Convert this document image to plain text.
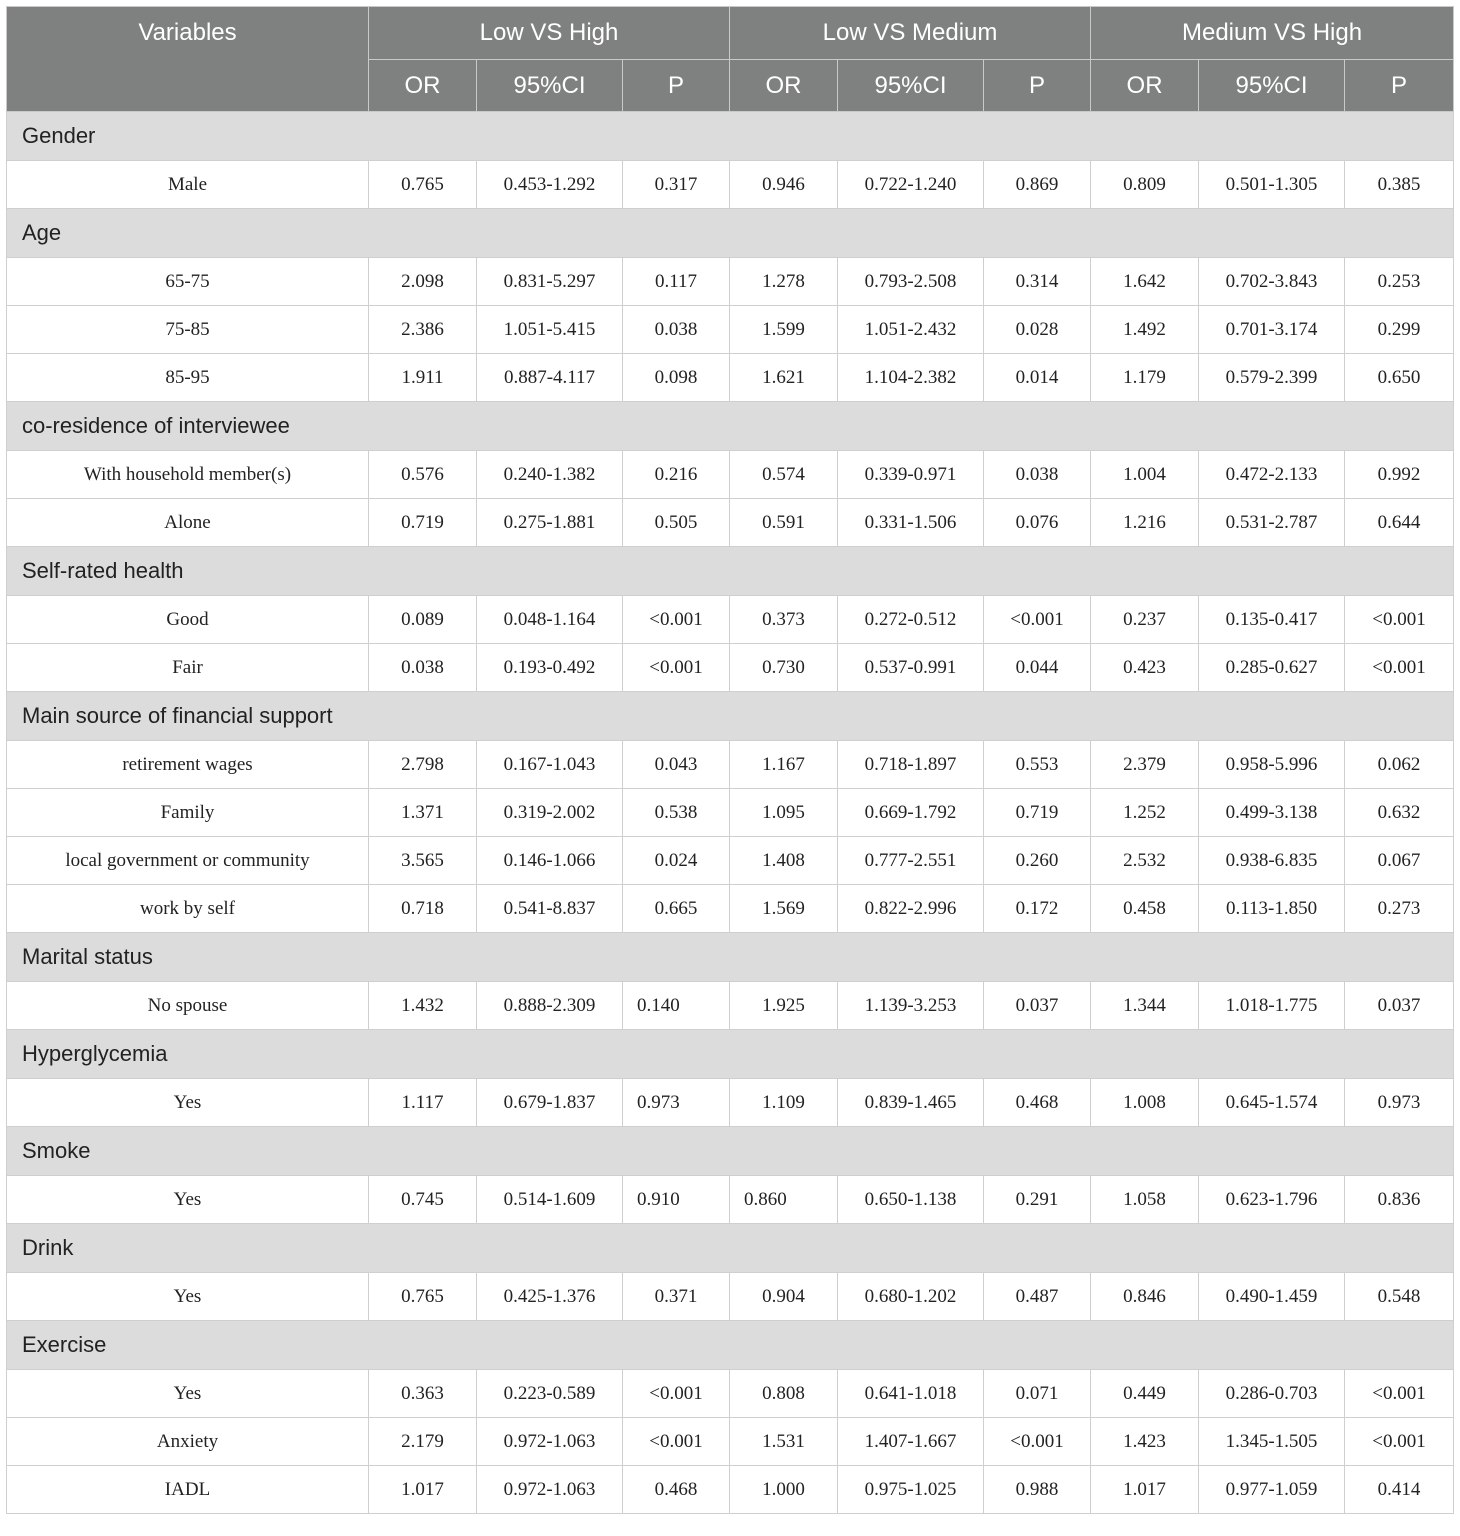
Variables	Low VS High			Low VS Medium			Medium VS High		
	OR	95%CI	P	OR	95%CI	P	OR	95%CI	P
Gender									
Male	0.765	0.453-1.292	0.317	0.946	0.722-1.240	0.869	0.809	0.501-1.305	0.385
Age									
65-75	2.098	0.831-5.297	0.117	1.278	0.793-2.508	0.314	1.642	0.702-3.843	0.253
75-85	2.386	1.051-5.415	0.038	1.599	1.051-2.432	0.028	1.492	0.701-3.174	0.299
85-95	1.911	0.887-4.117	0.098	1.621	1.104-2.382	0.014	1.179	0.579-2.399	0.650
co-residence of interviewee									
With household member(s)	0.576	0.240-1.382	0.216	0.574	0.339-0.971	0.038	1.004	0.472-2.133	0.992
Alone	0.719	0.275-1.881	0.505	0.591	0.331-1.506	0.076	1.216	0.531-2.787	0.644
Self-rated health									
Good	0.089	0.048-1.164	<0.001	0.373	0.272-0.512	<0.001	0.237	0.135-0.417	<0.001
Fair	0.038	0.193-0.492	<0.001	0.730	0.537-0.991	0.044	0.423	0.285-0.627	<0.001
Main source of financial support									
retirement wages	2.798	0.167-1.043	0.043	1.167	0.718-1.897	0.553	2.379	0.958-5.996	0.062
Family	1.371	0.319-2.002	0.538	1.095	0.669-1.792	0.719	1.252	0.499-3.138	0.632
local government or community	3.565	0.146-1.066	0.024	1.408	0.777-2.551	0.260	2.532	0.938-6.835	0.067
work by self	0.718	0.541-8.837	0.665	1.569	0.822-2.996	0.172	0.458	0.113-1.850	0.273
Marital status									
No spouse	1.432	0.888-2.309	0.140	1.925	1.139-3.253	0.037	1.344	1.018-1.775	0.037
Hyperglycemia									
Yes	1.117	0.679-1.837	0.973	1.109	0.839-1.465	0.468	1.008	0.645-1.574	0.973
Smoke									
Yes	0.745	0.514-1.609	0.910	0.860	0.650-1.138	0.291	1.058	0.623-1.796	0.836
Drink									
Yes	0.765	0.425-1.376	0.371	0.904	0.680-1.202	0.487	0.846	0.490-1.459	0.548
Exercise									
Yes	0.363	0.223-0.589	<0.001	0.808	0.641-1.018	0.071	0.449	0.286-0.703	<0.001
Anxiety	2.179	0.972-1.063	<0.001	1.531	1.407-1.667	<0.001	1.423	1.345-1.505	<0.001
IADL	1.017	0.972-1.063	0.468	1.000	0.975-1.025	0.988	1.017	0.977-1.059	0.414
